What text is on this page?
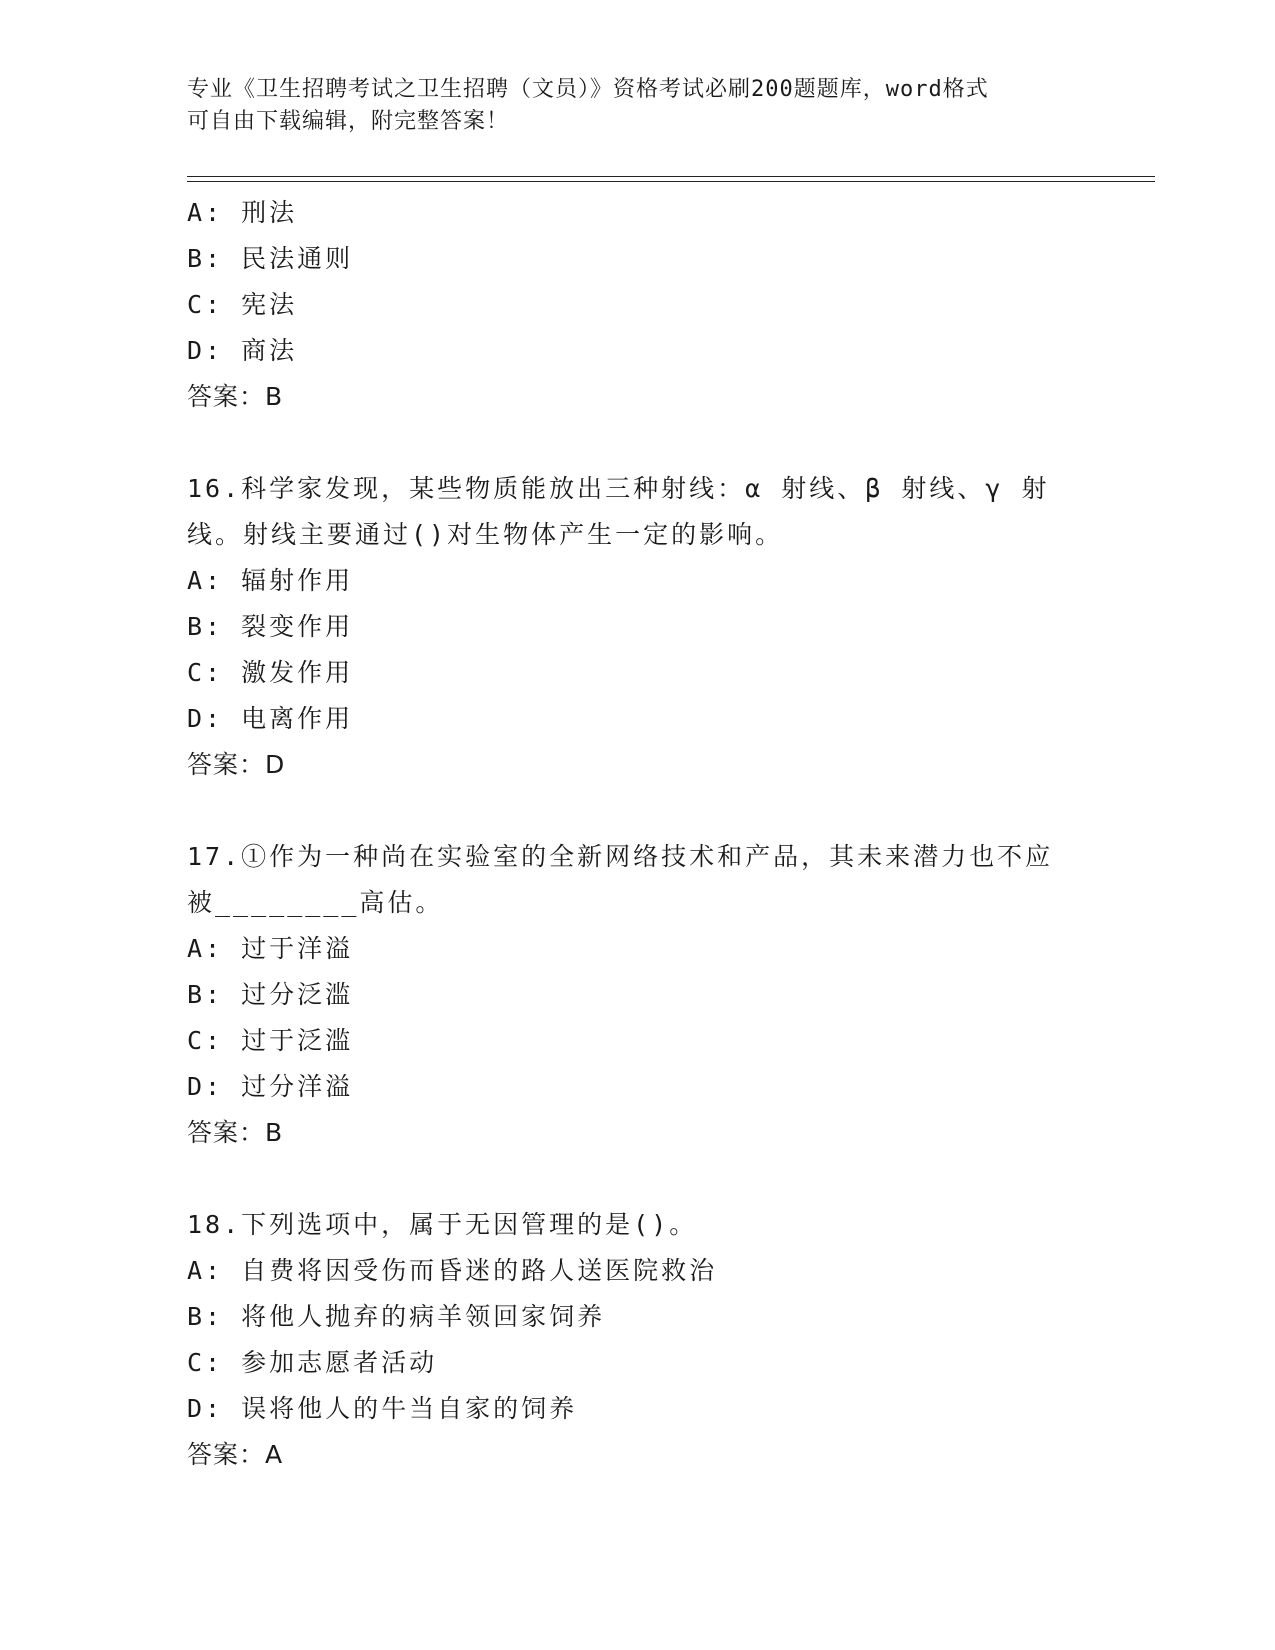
专业《卫生招聘考试之卫生招聘（文员）》资格考试必刷200题题库，word格式
可自由下载编辑，附完整答案！
A: 刑法
B: 民法通则
C: 宪法
D: 商法
答案：B
16.科学家发现，某些物质能放出三种射线：α 射线、β 射线、γ 射
线。射线主要通过()对生物体产生一定的影响。
A: 辐射作用
B: 裂变作用
C: 激发作用
D: 电离作用
答案：D
17.①作为一种尚在实验室的全新网络技术和产品，其未来潜力也不应
被________高估。
A: 过于洋溢
B: 过分泛滥
C: 过于泛滥
D: 过分洋溢
答案：B
18.下列选项中，属于无因管理的是()。
A: 自费将因受伤而昏迷的路人送医院救治
B: 将他人抛弃的病羊领回家饲养
C: 参加志愿者活动
D: 误将他人的牛当自家的饲养
答案：A
